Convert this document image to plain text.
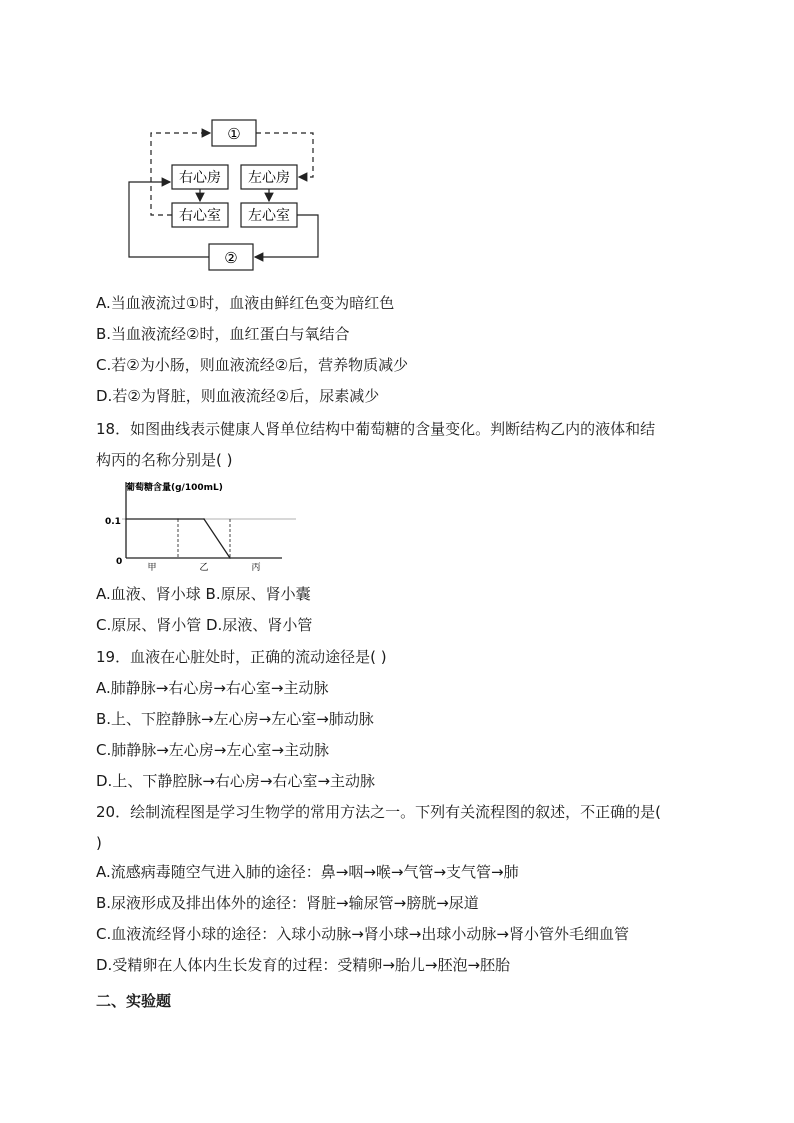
①
右心房 左心房
右心室 左心室
②
A.当血液流过①时，血液由鲜红色变为暗红色
B.当血液流经②时，血红蛋白与氧结合
C.若②为小肠，则血液流经②后，营养物质减少
D.若②为肾脏，则血液流经②后，尿素减少
18．如图曲线表示健康人肾单位结构中葡萄糖的含量变化。判断结构乙内的液体和结
构丙的名称分别是( )
葡萄糖含量(g/100mL)
0.1
0
甲	乙	丙
A.血液、肾小球 B.原尿、肾小囊
C.原尿、肾小管 D.尿液、肾小管
19．血液在心脏处时，正确的流动途径是( )
A.肺静脉→右心房→右心室→主动脉
B.上、下腔静脉→左心房→左心室→肺动脉
C.肺静脉→左心房→左心室→主动脉
D.上、下静腔脉→右心房→右心室→主动脉
20．绘制流程图是学习生物学的常用方法之一。下列有关流程图的叙述，不正确的是(
)
A.流感病毒随空气进入肺的途径：鼻→咽→喉→气管→支气管→肺
B.尿液形成及排出体外的途径：肾脏→输尿管→膀胱→尿道
C.血液流经肾小球的途径：入球小动脉→肾小球→出球小动脉→肾小管外毛细血管
D.受精卵在人体内生长发育的过程：受精卵→胎儿→胚泡→胚胎
二、实验题
